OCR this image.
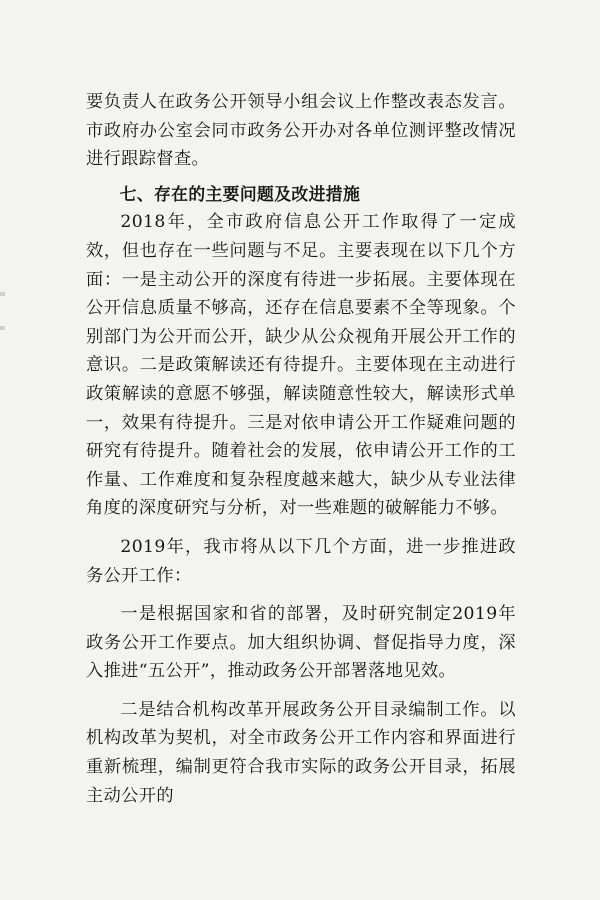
要负责人在政务公开领导小组会议上作整改表态发言。市政府办公室会同市政务公开办对各单位测评整改情况进行跟踪督查。

七、存在的主要问题及改进措施

2018年，全市政府信息公开工作取得了一定成效，但也存在一些问题与不足。主要表现在以下几个方面：一是主动公开的深度有待进一步拓展。主要体现在公开信息质量不够高，还存在信息要素不全等现象。个别部门为公开而公开，缺少从公众视角开展公开工作的意识。二是政策解读还有待提升。主要体现在主动进行政策解读的意愿不够强，解读随意性较大，解读形式单一，效果有待提升。三是对依申请公开工作疑难问题的研究有待提升。随着社会的发展，依申请公开工作的工作量、工作难度和复杂程度越来越大，缺少从专业法律角度的深度研究与分析，对一些难题的破解能力不够。

2019年，我市将从以下几个方面，进一步推进政务公开工作：

一是根据国家和省的部署，及时研究制定2019年政务公开工作要点。加大组织协调、督促指导力度，深入推进“五公开”，推动政务公开部署落地见效。

二是结合机构改革开展政务公开目录编制工作。以机构改革为契机，对全市政务公开工作内容和界面进行重新梳理，编制更符合我市实际的政务公开目录，拓展主动公开的
